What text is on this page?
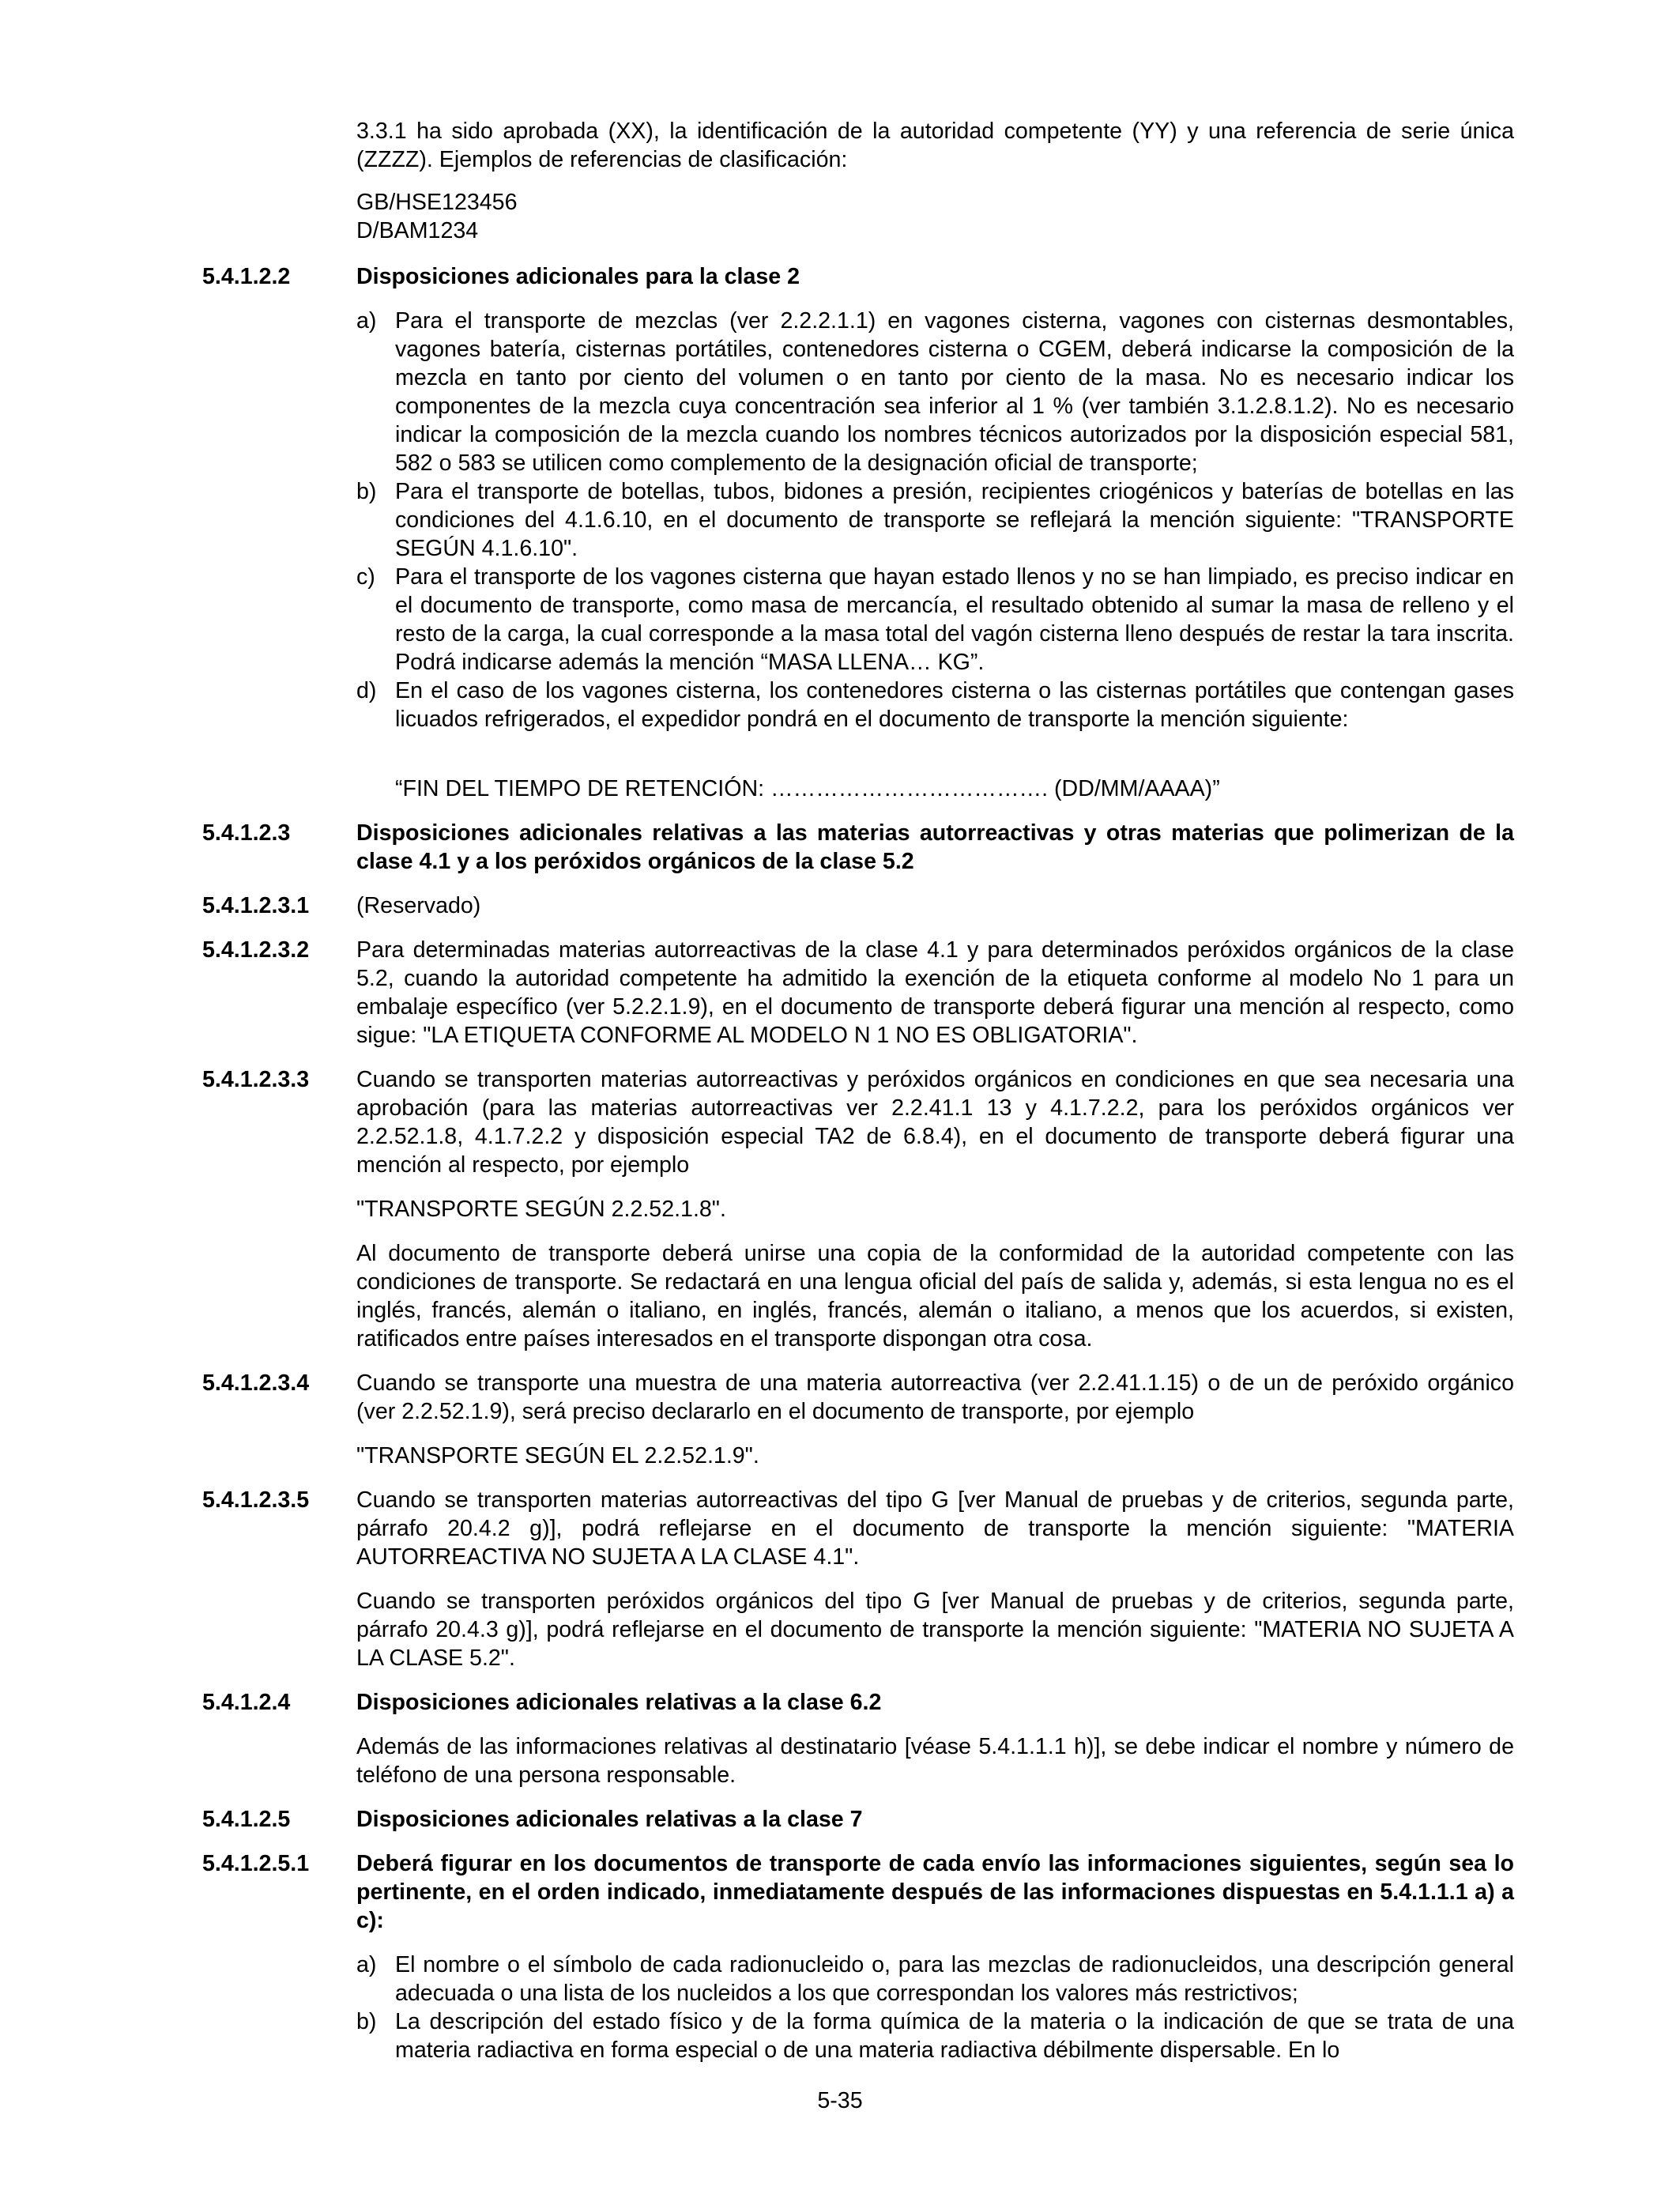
3.3.1 ha sido aprobada (XX), la identificación de la autoridad competente (YY) y una referencia de serie única (ZZZZ). Ejemplos de referencias de clasificación:

GB/HSE123456

D/BAM1234

5.4.1.2.2	Disposiciones adicionales para la clase 2

a) Para el transporte de mezclas (ver 2.2.2.1.1) en vagones cisterna, vagones con cisternas desmontables, vagones batería, cisternas portátiles, contenedores cisterna o CGEM, deberá indicarse la composición de la mezcla en tanto por ciento del volumen o en tanto por ciento de la masa. No es necesario indicar los componentes de la mezcla cuya concentración sea inferior al 1 % (ver también 3.1.2.8.1.2). No es necesario indicar la composición de la mezcla cuando los nombres técnicos autorizados por la disposición especial 581, 582 o 583 se utilicen como complemento de la designación oficial de transporte;
b) Para el transporte de botellas, tubos, bidones a presión, recipientes criogénicos y baterías de botellas en las condiciones del 4.1.6.10, en el documento de transporte se reflejará la mención siguiente: "TRANSPORTE SEGÚN 4.1.6.10".
c) Para el transporte de los vagones cisterna que hayan estado llenos y no se han limpiado, es preciso indicar en el documento de transporte, como masa de mercancía, el resultado obtenido al sumar la masa de relleno y el resto de la carga, la cual corresponde a la masa total del vagón cisterna lleno después de restar la tara inscrita. Podrá indicarse además la mención “MASA LLENA… KG”.
d) En el caso de los vagones cisterna, los contenedores cisterna o las cisternas portátiles que contengan gases licuados refrigerados, el expedidor pondrá en el documento de transporte la mención siguiente:

“FIN DEL TIEMPO DE RETENCIÓN: ………………………………. (DD/MM/AAAA)”

5.4.1.2.3	Disposiciones adicionales relativas a las materias autorreactivas y otras materias que polimerizan de la clase 4.1 y a los peróxidos orgánicos de la clase 5.2

5.4.1.2.3.1	(Reservado)

5.4.1.2.3.2	Para determinadas materias autorreactivas de la clase 4.1 y para determinados peróxidos orgánicos de la clase 5.2, cuando la autoridad competente ha admitido la exención de la etiqueta conforme al modelo No 1 para un embalaje específico (ver 5.2.2.1.9), en el documento de transporte deberá figurar una mención al respecto, como sigue: "LA ETIQUETA CONFORME AL MODELO N 1 NO ES OBLIGATORIA".

5.4.1.2.3.3	Cuando se transporten materias autorreactivas y peróxidos orgánicos en condiciones en que sea necesaria una aprobación (para las materias autorreactivas ver 2.2.41.1 13 y 4.1.7.2.2, para los peróxidos orgánicos ver 2.2.52.1.8, 4.1.7.2.2 y disposición especial TA2 de 6.8.4), en el documento de transporte deberá figurar una mención al respecto, por ejemplo

"TRANSPORTE SEGÚN 2.2.52.1.8".

Al documento de transporte deberá unirse una copia de la conformidad de la autoridad competente con las condiciones de transporte. Se redactará en una lengua oficial del país de salida y, además, si esta lengua no es el inglés, francés, alemán o italiano, en inglés, francés, alemán o italiano, a menos que los acuerdos, si existen, ratificados entre países interesados en el transporte dispongan otra cosa.

5.4.1.2.3.4	Cuando se transporte una muestra de una materia autorreactiva (ver 2.2.41.1.15) o de un de peróxido orgánico (ver 2.2.52.1.9), será preciso declararlo en el documento de transporte, por ejemplo

"TRANSPORTE SEGÚN EL 2.2.52.1.9".

5.4.1.2.3.5	Cuando se transporten materias autorreactivas del tipo G [ver Manual de pruebas y de criterios, segunda parte, párrafo 20.4.2 g)], podrá reflejarse en el documento de transporte la mención siguiente: "MATERIA AUTORREACTIVA NO SUJETA A LA CLASE 4.1".

Cuando se transporten peróxidos orgánicos del tipo G [ver Manual de pruebas y de criterios, segunda parte, párrafo 20.4.3 g)], podrá reflejarse en el documento de transporte la mención siguiente: "MATERIA NO SUJETA A LA CLASE 5.2".

5.4.1.2.4	Disposiciones adicionales relativas a la clase 6.2

Además de las informaciones relativas al destinatario [véase 5.4.1.1.1 h)], se debe indicar el nombre y número de teléfono de una persona responsable.

5.4.1.2.5	Disposiciones adicionales relativas a la clase 7

5.4.1.2.5.1	Deberá figurar en los documentos de transporte de cada envío las informaciones siguientes, según sea lo pertinente, en el orden indicado, inmediatamente después de las informaciones dispuestas en 5.4.1.1.1 a) a c):

a) El nombre o el símbolo de cada radionucleido o, para las mezclas de radionucleidos, una descripción general adecuada o una lista de los nucleidos a los que correspondan los valores más restrictivos;
b) La descripción del estado físico y de la forma química de la materia o la indicación de que se trata de una materia radiactiva en forma especial o de una materia radiactiva débilmente dispersable. En lo
5-35
